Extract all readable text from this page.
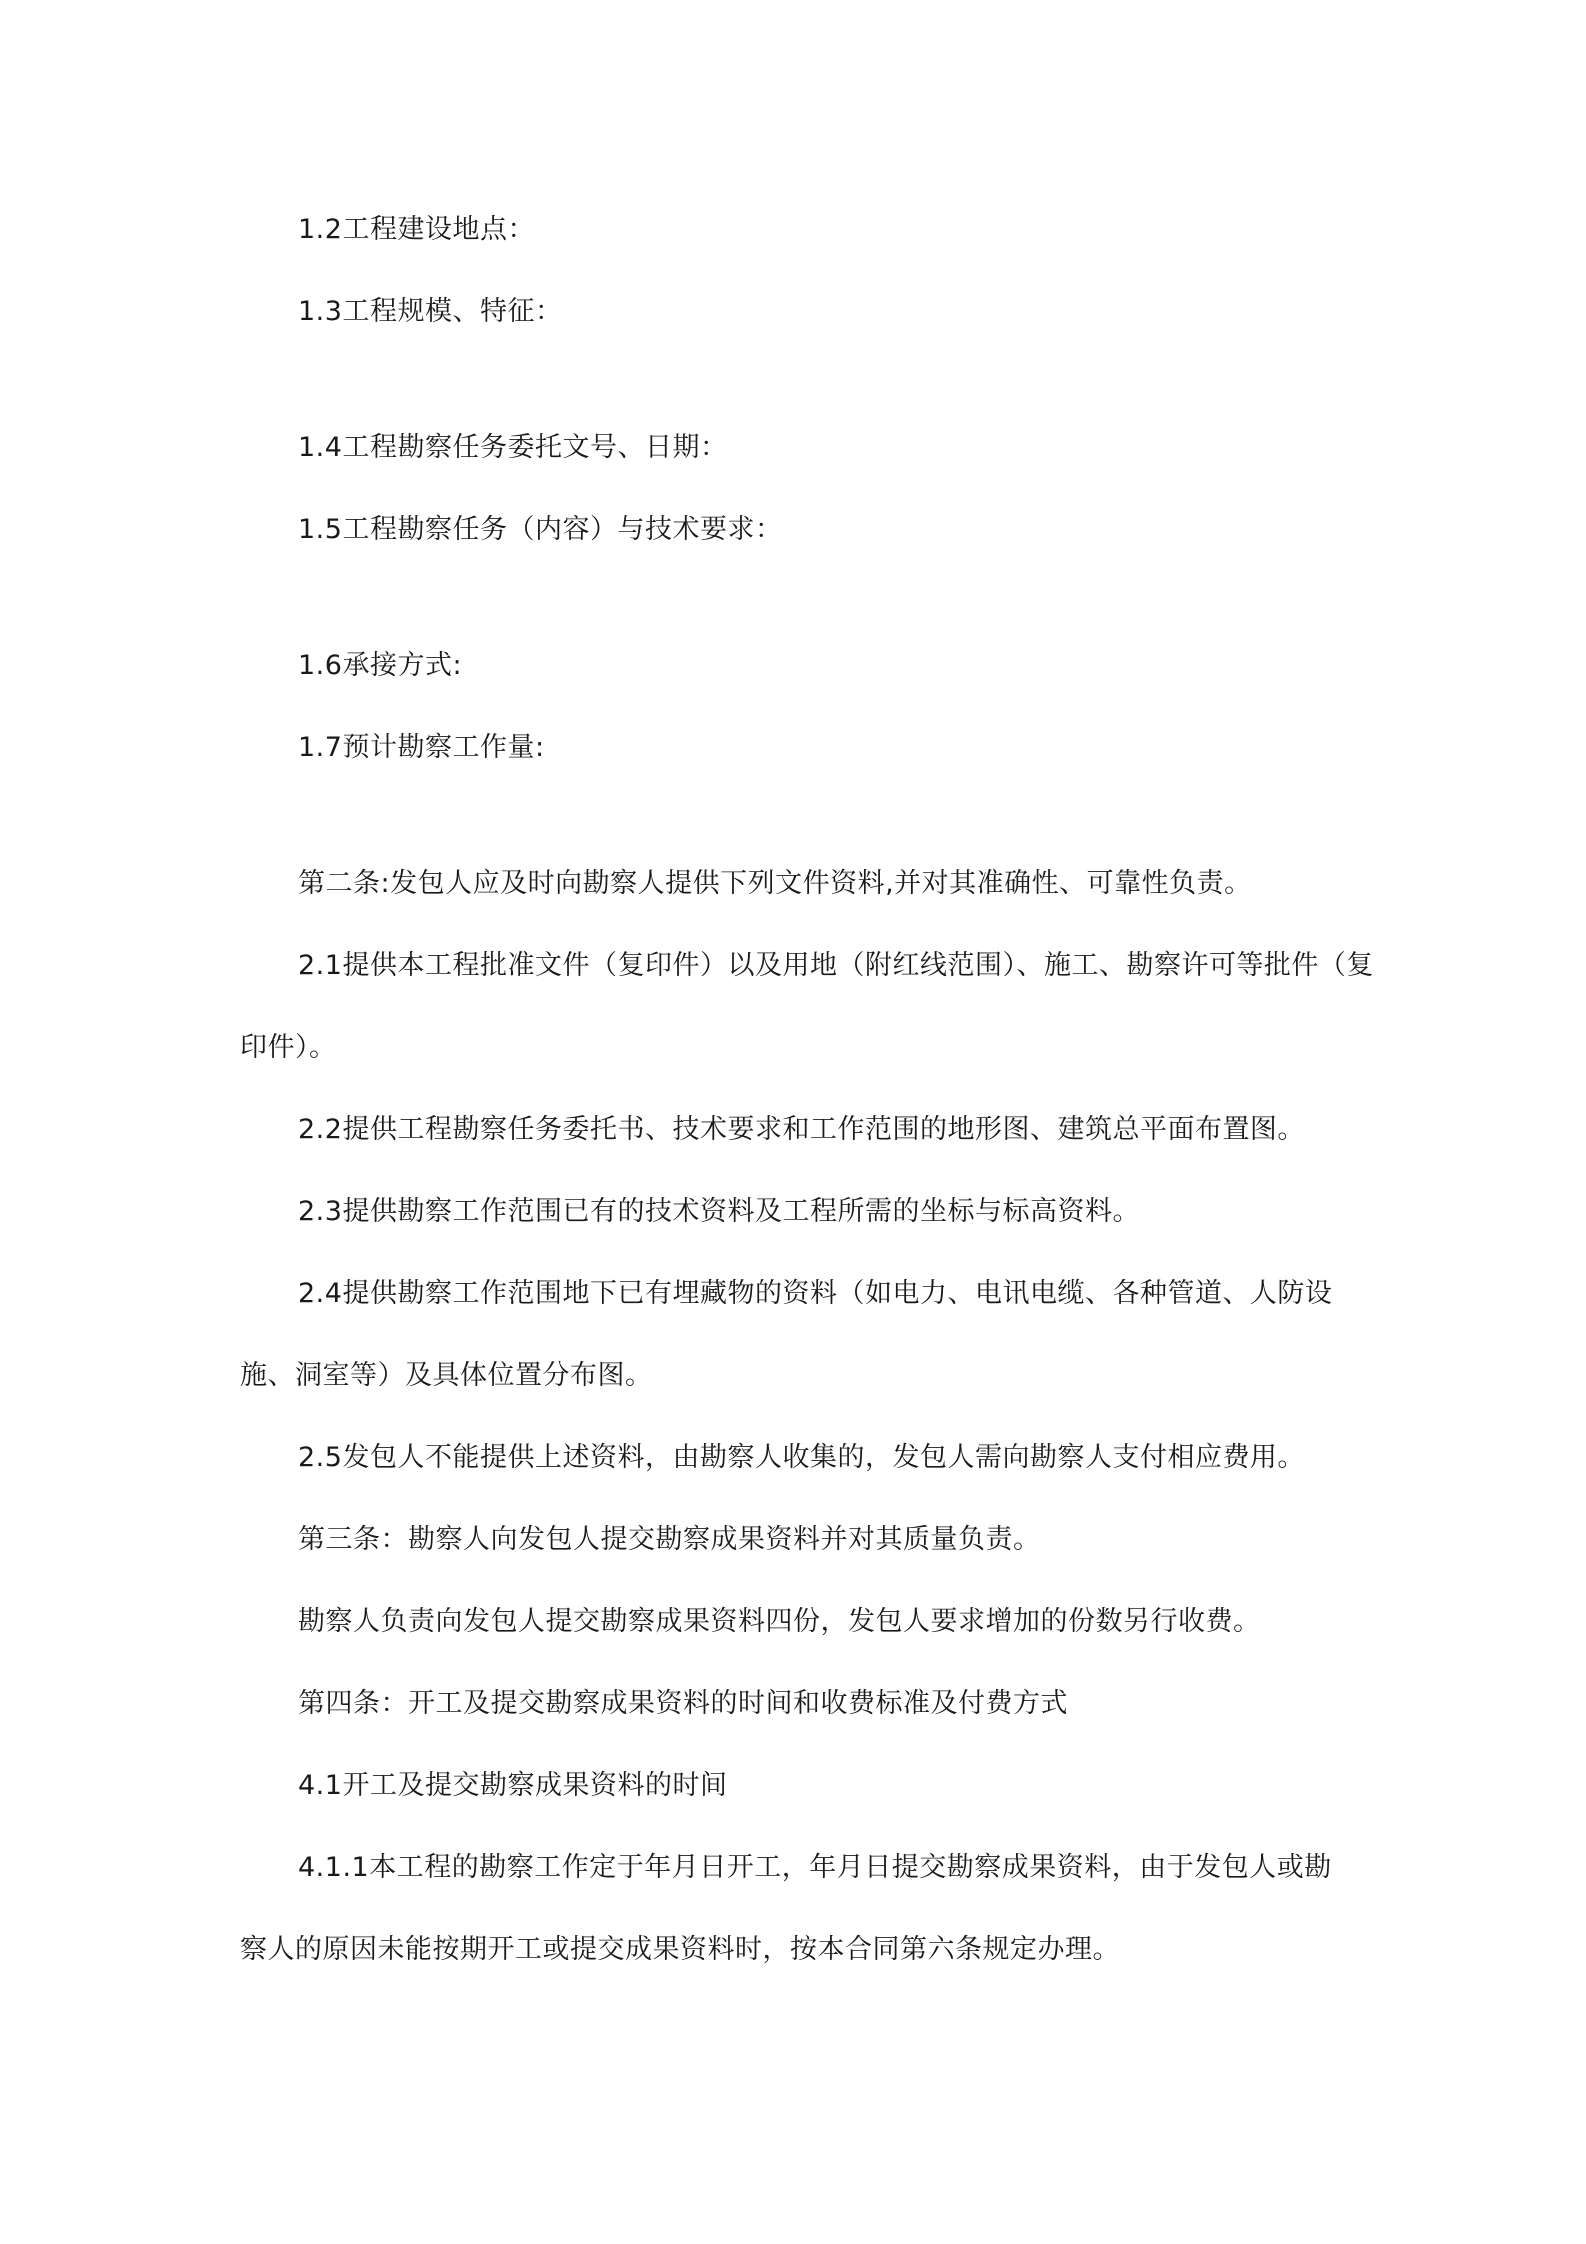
1.2工程建设地点：
1.3工程规模、特征：
1.4工程勘察任务委托文号、日期：
1.5工程勘察任务（内容）与技术要求：
1.6承接方式:
1.7预计勘察工作量:
第二条:发包人应及时向勘察人提供下列文件资料,并对其准确性、可靠性负责。
2.1提供本工程批准文件（复印件）以及用地（附红线范围）、施工、勘察许可等批件（复
印件）。
2.2提供工程勘察任务委托书、技术要求和工作范围的地形图、建筑总平面布置图。
2.3提供勘察工作范围已有的技术资料及工程所需的坐标与标高资料。
2.4提供勘察工作范围地下已有埋藏物的资料（如电力、电讯电缆、各种管道、人防设
施、洞室等）及具体位置分布图。
2.5发包人不能提供上述资料，由勘察人收集的，发包人需向勘察人支付相应费用。
第三条：勘察人向发包人提交勘察成果资料并对其质量负责。
勘察人负责向发包人提交勘察成果资料四份，发包人要求增加的份数另行收费。
第四条：开工及提交勘察成果资料的时间和收费标准及付费方式
4.1开工及提交勘察成果资料的时间
4.1.1本工程的勘察工作定于年月日开工，年月日提交勘察成果资料，由于发包人或勘
察人的原因未能按期开工或提交成果资料时，按本合同第六条规定办理。
